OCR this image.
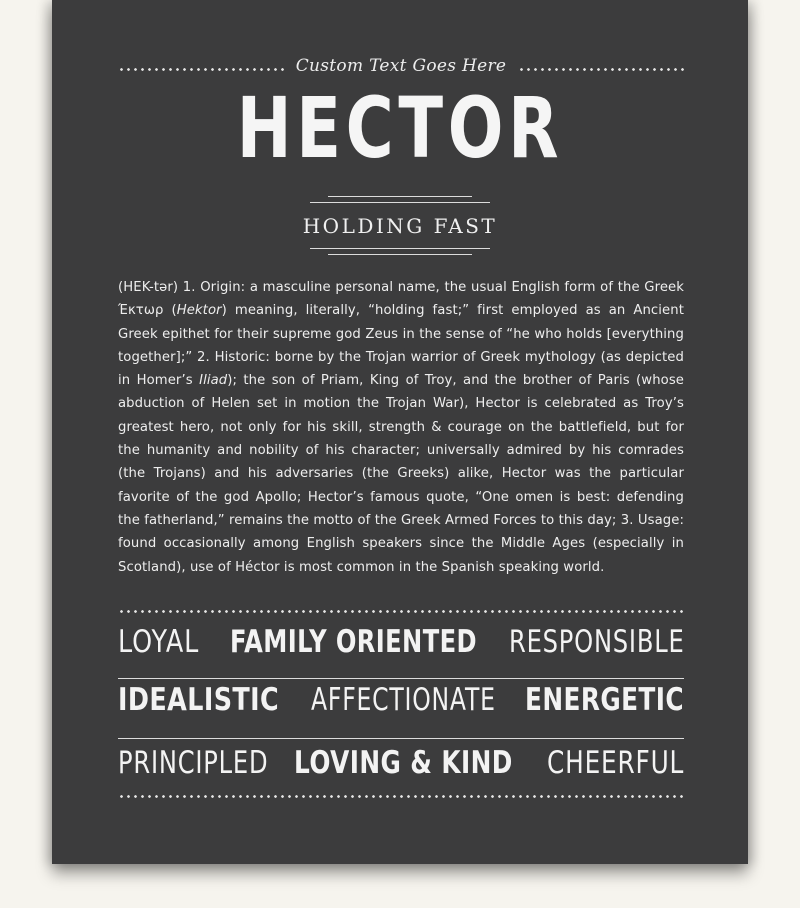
Custom Text Goes Here
HECTOR
HOLDING FAST
(HEK-tər) 1. Origin: a masculine personal name, the usual English form of the Greek Έκτωρ (Hektor) meaning, literally, “holding fast;” first employed as an Ancient Greek epithet for their supreme god Zeus in the sense of “he who holds [everything together];” 2. Historic: borne by the Trojan warrior of Greek mythology (as depicted in Homer’s Iliad); the son of Priam, King of Troy, and the brother of Paris (whose abduction of Helen set in motion the Trojan War), Hector is celebrated as Troy’s greatest hero, not only for his skill, strength & courage on the battlefield, but for the humanity and nobility of his character; universally admired by his comrades (the Trojans) and his adversaries (the Greeks) alike, Hector was the particular favorite of the god Apollo; Hector’s famous quote, “One omen is best: defending the fatherland,” remains the motto of the Greek Armed Forces to this day; 3. Usage: found occasionally among English speakers since the Middle Ages (especially in Scotland), use of Héctor is most common in the Spanish speaking world.
LOYAL FAMILY ORIENTED RESPONSIBLE
IDEALISTIC AFFECTIONATE ENERGETIC
PRINCIPLED LOVING & KIND CHEERFUL
